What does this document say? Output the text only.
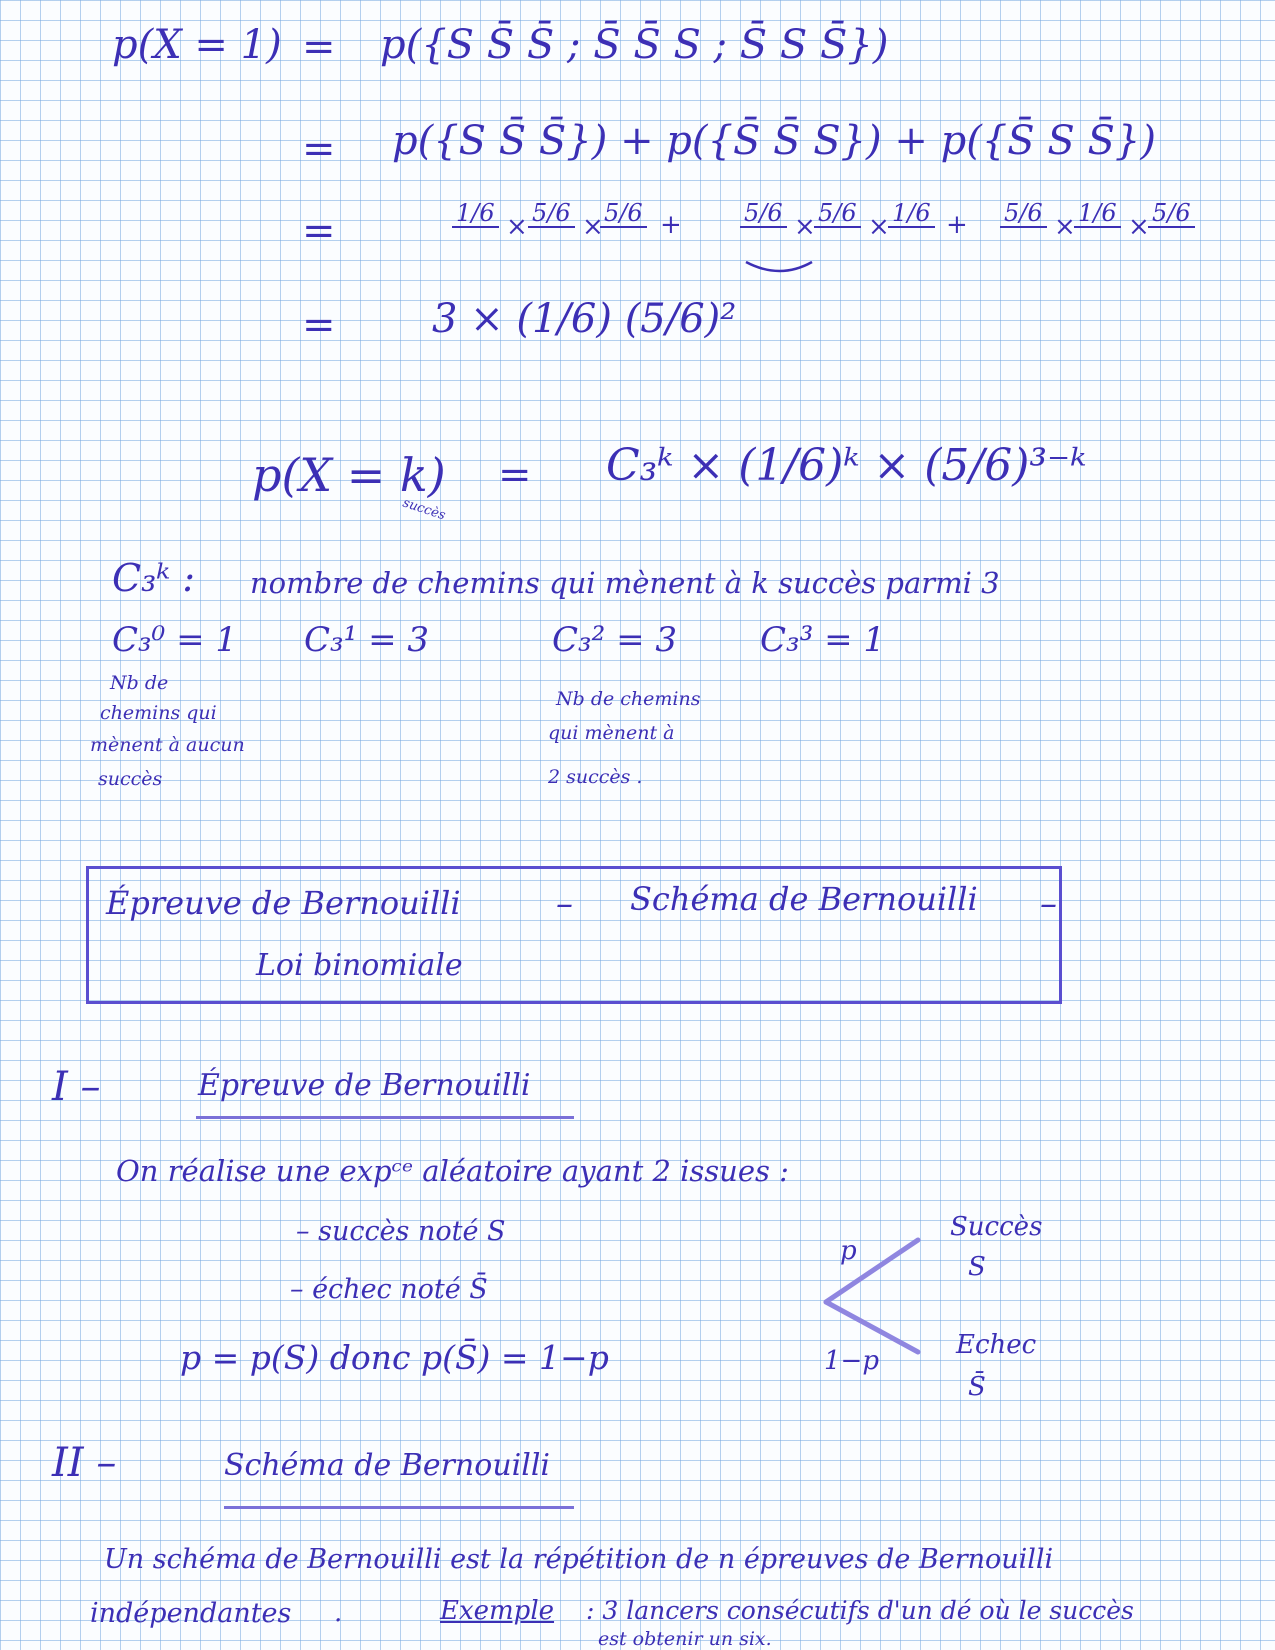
p(X = 1) = p({S S̄ S̄ ; S̄ S̄ S ; S̄ S S̄})
= p({S S̄ S̄}) + p({S̄ S̄ S}) + p({S̄ S S̄})
=	1/6 × 5/6 × 5/6 +	5/6 × 5/6 × 1/6 + 5/6 × 1/6 × 5/6
= 3 × (1/6) (5/6)²
p(X = k) = C₃ᵏ × (1/6)ᵏ × (5/6)³⁻ᵏ
succès
C₃ᵏ : nombre de chemins qui mènent à k succès parmi 3
C₃⁰ = 1 C₃¹ = 3	C₃² = 3 C₃³ = 1
Nb de
chemins qui
mènent à aucun
succès
Nb de chemins
qui mènent à
2 succès .
Épreuve de Bernouilli	– Schéma de Bernouilli –
Loi binomiale
I –	Épreuve de Bernouilli
On réalise une expᶜᵉ aléatoire ayant 2 issues :
– succès noté S
– échec noté S̄
p = p(S) donc p(S̄) = 1−p
p
1−p
Succès
S
Echec
S̄
II –	Schéma de Bernouilli
Un schéma de Bernouilli est la répétition de n épreuves de Bernouilli
indépendantes .	Exemple : 3 lancers consécutifs d'un dé où le succès
est obtenir un six.
